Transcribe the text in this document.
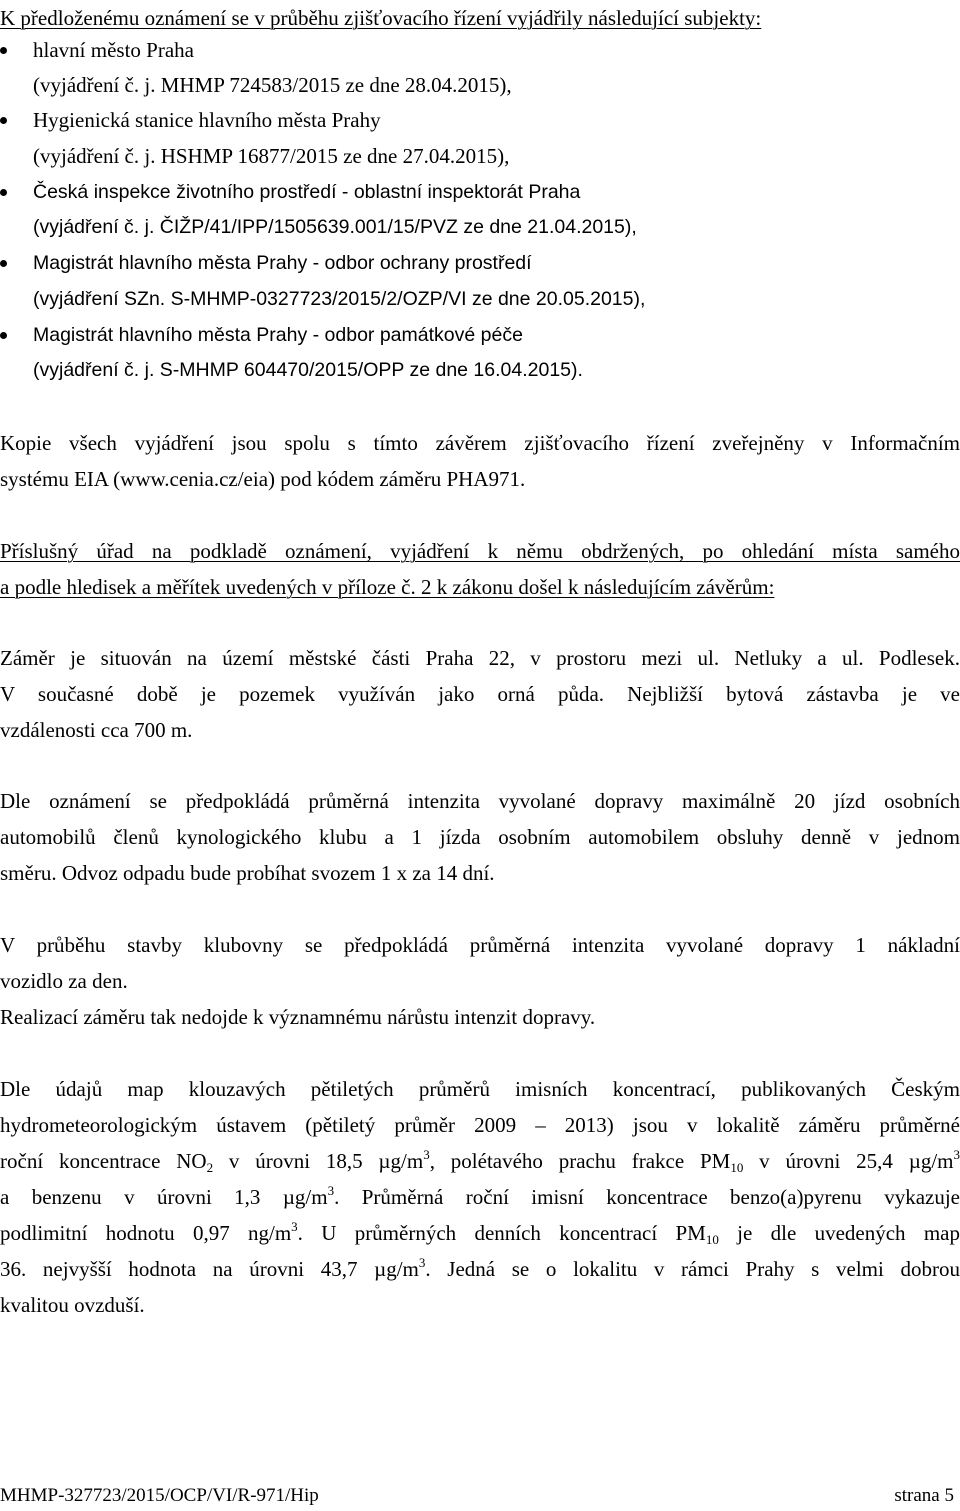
K předloženému oznámení se v průběhu zjišťovacího řízení vyjádřily následující subjekty:
hlavní město Praha
(vyjádření č. j. MHMP 724583/2015 ze dne 28.04.2015),
Hygienická stanice hlavního města Prahy
(vyjádření č. j. HSHMP 16877/2015 ze dne 27.04.2015),
Česká inspekce životního prostředí - oblastní inspektorát Praha
(vyjádření č. j. ČIŽP/41/IPP/1505639.001/15/PVZ ze dne 21.04.2015),
Magistrát hlavního města Prahy - odbor ochrany prostředí
(vyjádření SZn. S-MHMP-0327723/2015/2/OZP/VI ze dne 20.05.2015),
Magistrát hlavního města Prahy - odbor památkové péče
(vyjádření č. j. S-MHMP 604470/2015/OPP ze dne 16.04.2015).
Kopie všech vyjádření jsou spolu s tímto závěrem zjišťovacího řízení zveřejněny v Informačním
systému EIA (www.cenia.cz/eia) pod kódem záměru PHA971.
Příslušný úřad na podkladě oznámení, vyjádření k němu obdržených, po ohledání místa samého
a podle hledisek a měřítek uvedených v příloze č. 2 k zákonu došel k následujícím závěrům:
Záměr je situován na území městské části Praha 22, v prostoru mezi ul. Netluky a ul. Podlesek.
V současné době je pozemek využíván jako orná půda. Nejbližší bytová zástavba je ve
vzdálenosti cca 700 m.
Dle oznámení se předpokládá průměrná intenzita vyvolané dopravy maximálně 20 jízd osobních
automobilů členů kynologického klubu a 1 jízda osobním automobilem obsluhy denně v jednom
směru. Odvoz odpadu bude probíhat svozem 1 x za 14 dní.
V průběhu stavby klubovny se předpokládá průměrná intenzita vyvolané dopravy 1 nákladní
vozidlo za den.
Realizací záměru tak nedojde k významnému nárůstu intenzit dopravy.
Dle údajů map klouzavých pětiletých průměrů imisních koncentrací, publikovaných Českým
hydrometeorologickým ústavem (pětiletý průměr 2009 – 2013) jsou v lokalitě záměru průměrné
roční koncentrace $NO_2$ v úrovni 18,5 $\mu g/m^3$, polétavého prachu frakce $PM_{10}$ v úrovni 25,4 $\mu g/m^3$
a benzenu v úrovni 1,3 $\mu g/m^3$. Průměrná roční imisní koncentrace benzo(a)pyrenu vykazuje
podlimitní hodnotu 0,97 $ng/m^3$. U průměrných denních koncentrací $PM_{10}$ je dle uvedených map
36. nejvyšší hodnota na úrovni 43,7 $\mu g/m^3$. Jedná se o lokalitu v rámci Prahy s velmi dobrou
kvalitou ovzduší.
MHMP-327723/2015/OCP/VI/R-971/Hip	strana 5
